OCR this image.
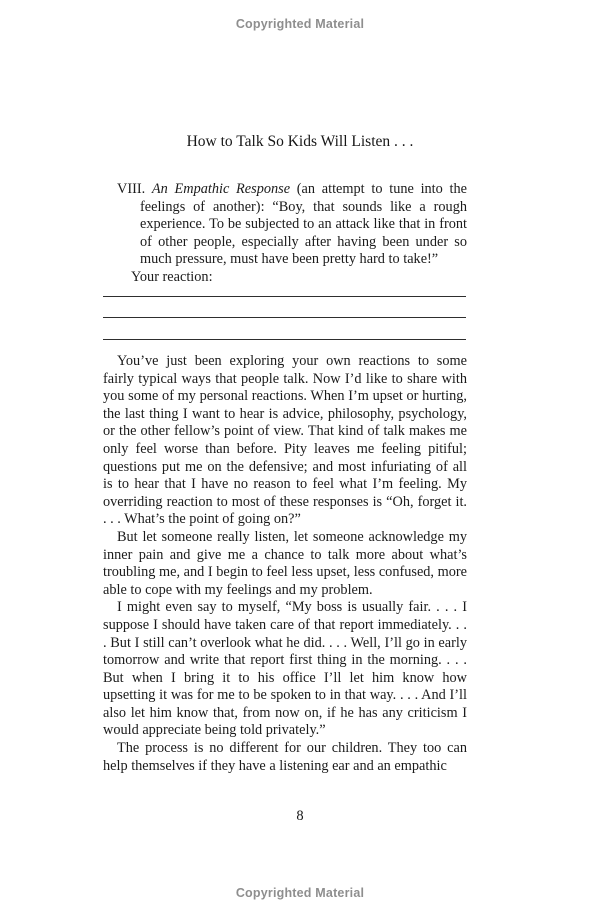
Copyrighted Material
How to Talk So Kids Will Listen . . .

VIII. An Empathic Response (an attempt to tune into the feelings of another): “Boy, that sounds like a rough experience. To be subjected to an attack like that in front of other people, especially after having been under so much pressure, must have been pretty hard to take!”

Your reaction:

You’ve just been exploring your own reactions to some fairly typical ways that people talk. Now I’d like to share with you some of my personal reactions. When I’m upset or hurting, the last thing I want to hear is advice, philosophy, psychology, or the other fellow’s point of view. That kind of talk makes me only feel worse than before. Pity leaves me feeling pitiful; questions put me on the defensive; and most infuriating of all is to hear that I have no reason to feel what I’m feeling. My overriding reaction to most of these responses is “Oh, forget it. . . . What’s the point of going on?”

But let someone really listen, let someone acknowledge my inner pain and give me a chance to talk more about what’s troubling me, and I begin to feel less upset, less confused, more able to cope with my feelings and my problem.

I might even say to myself, “My boss is usually fair. . . . I suppose I should have taken care of that report immediately. . . . But I still can’t overlook what he did. . . . Well, I’ll go in early tomorrow and write that report first thing in the morning. . . . But when I bring it to his office I’ll let him know how upsetting it was for me to be spoken to in that way. . . . And I’ll also let him know that, from now on, if he has any criticism I would appreciate being told privately.”

The process is no different for our children. They too can help themselves if they have a listening ear and an empathic

8
Copyrighted Material
